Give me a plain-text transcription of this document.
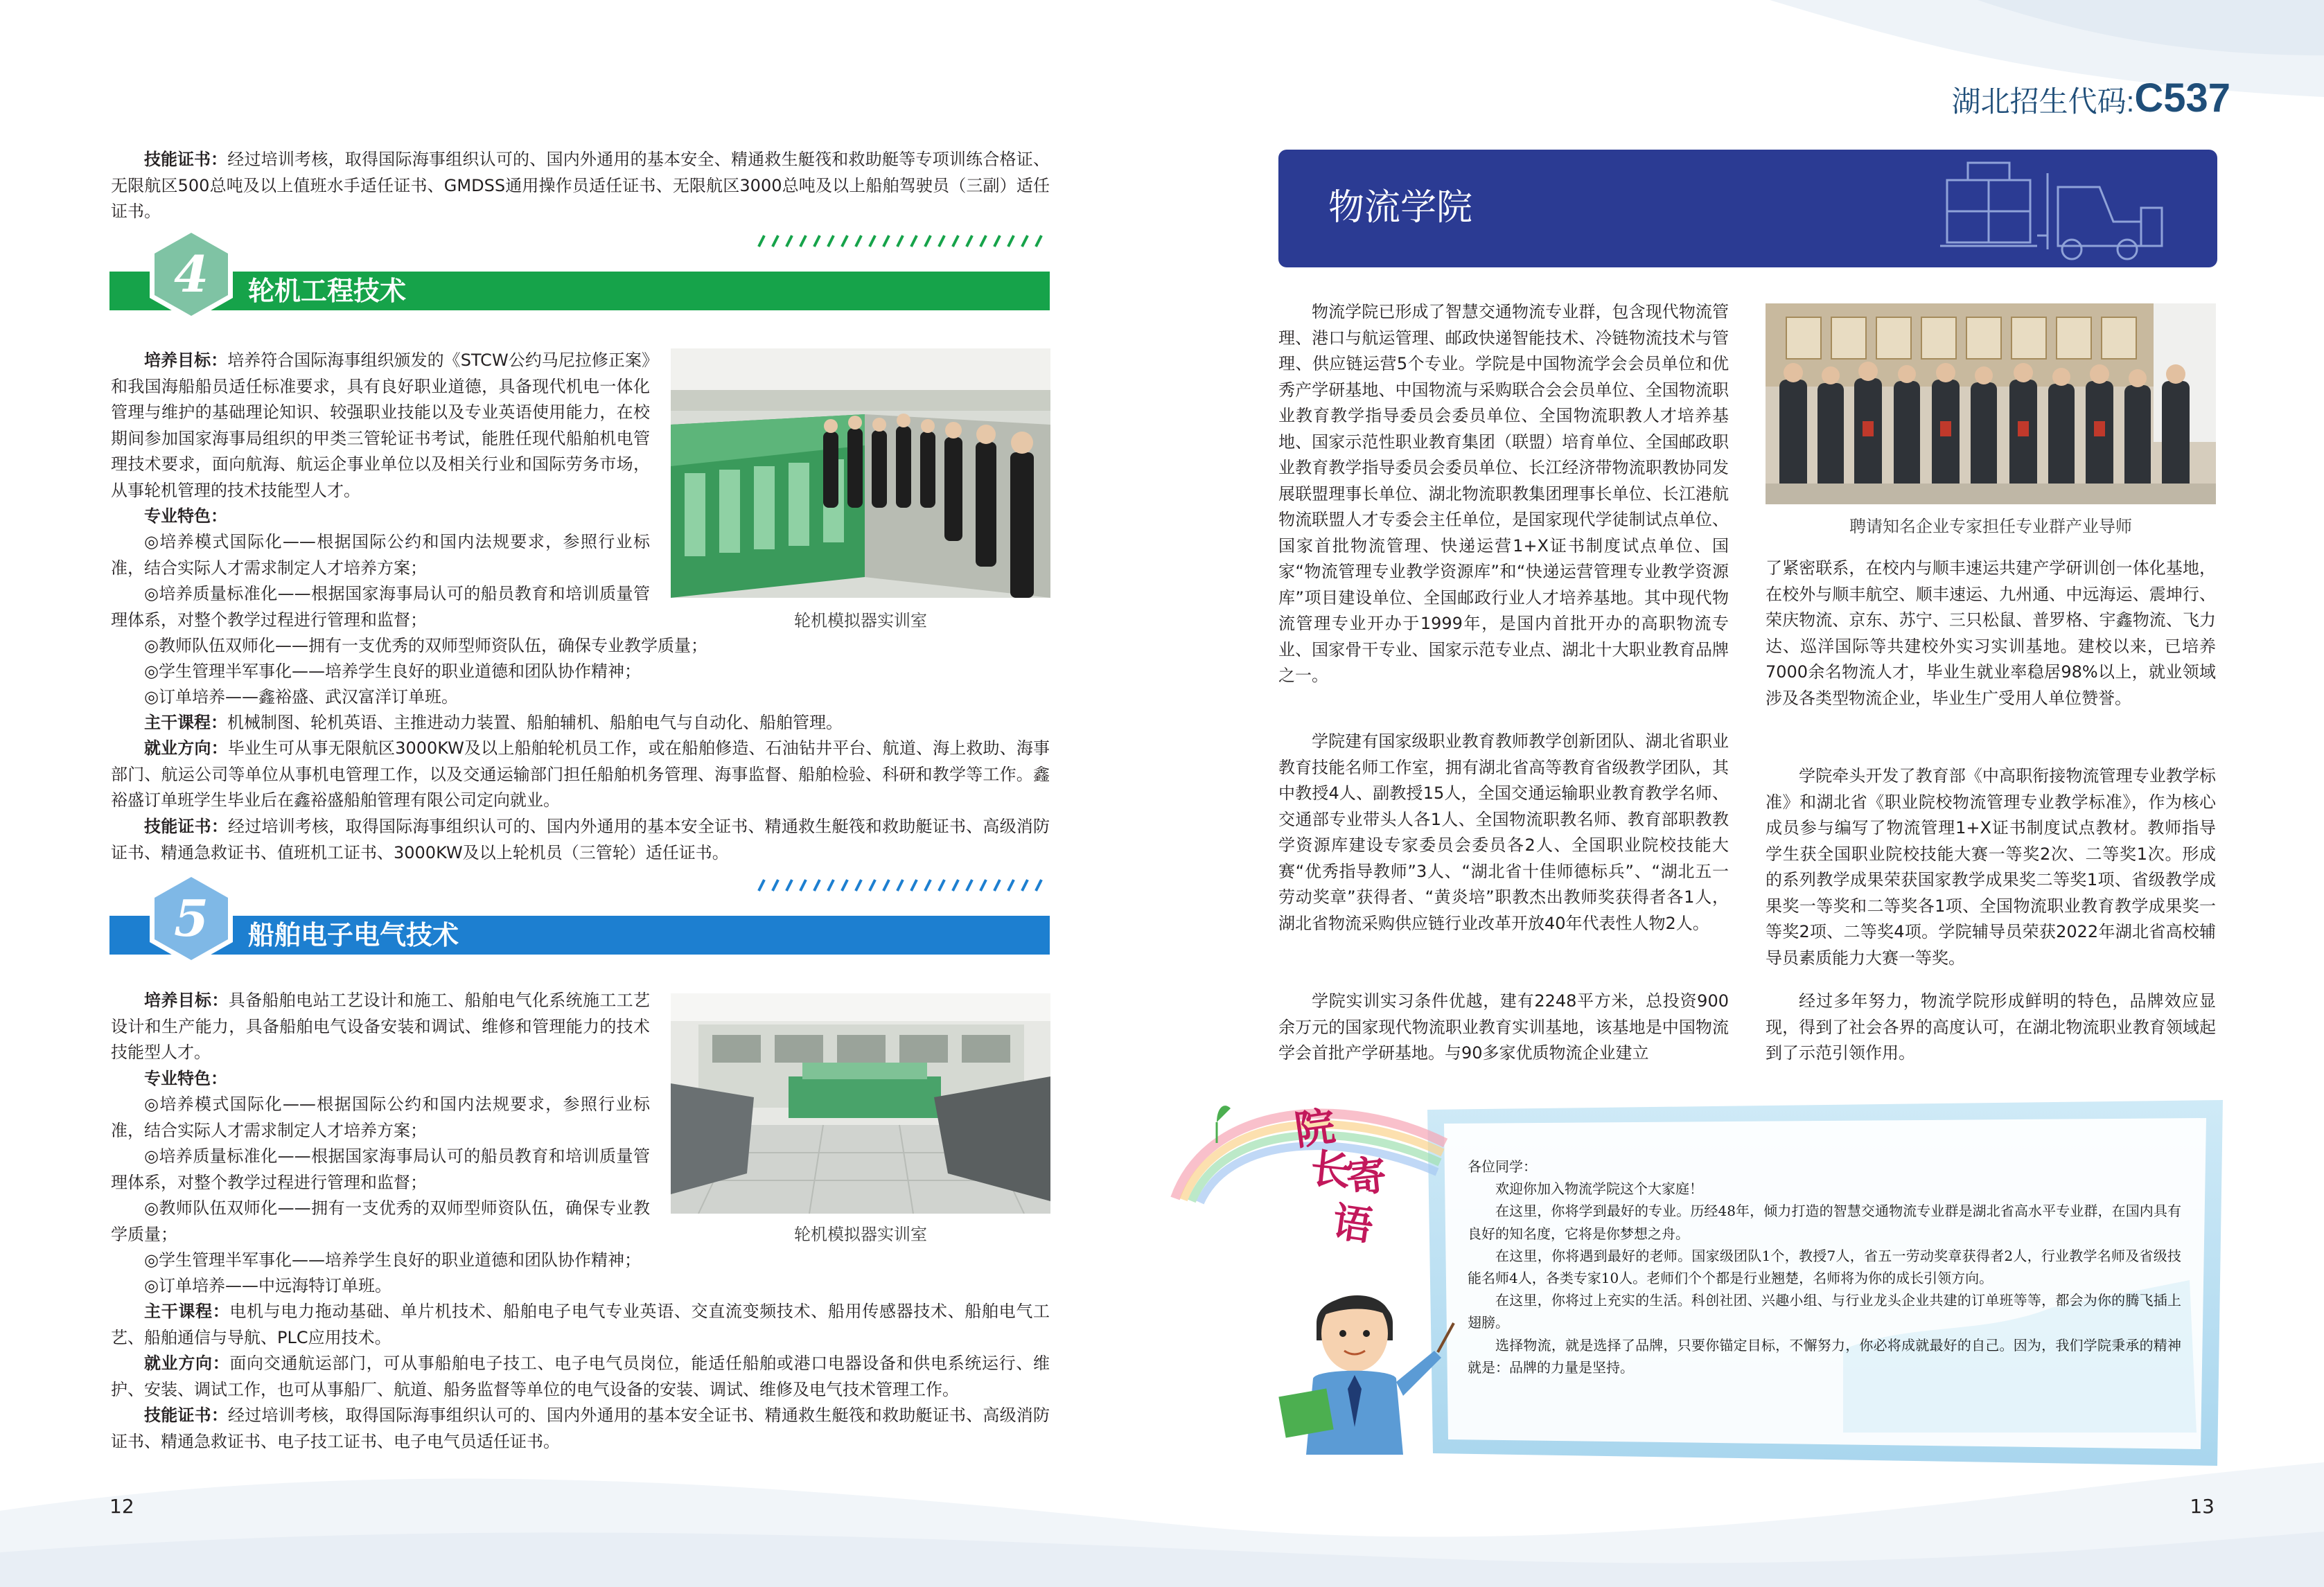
湖北招生代码:C537
技能证书：经过培训考核，取得国际海事组织认可的、国内外通用的基本安全、精通救生艇筏和救助艇等专项训练合格证、无限航区500总吨及以上值班水手适任证书、GMDSS通用操作员适任证书、无限航区3000总吨及以上船舶驾驶员（三副）适任证书。
4	轮机工程技术
培养目标：培养符合国际海事组织颁发的《STCW公约马尼拉修正案》和我国海船船员适任标准要求，具有良好职业道德，具备现代机电一体化管理与维护的基础理论知识、较强职业技能以及专业英语使用能力，在校期间参加国家海事局组织的甲类三管轮证书考试，能胜任现代船舶机电管理技术要求，面向航海、航运企事业单位以及相关行业和国际劳务市场，从事轮机管理的技术技能型人才。
专业特色：
◎培养模式国际化——根据国际公约和国内法规要求，参照行业标准，结合实际人才需求制定人才培养方案；
◎培养质量标准化——根据国家海事局认可的船员教育和培训质量管理体系，对整个教学过程进行管理和监督；
◎教师队伍双师化——拥有一支优秀的双师型师资队伍，确保专业教学质量；
◎学生管理半军事化——培养学生良好的职业道德和团队协作精神；
◎订单培养——鑫裕盛、武汉富洋订单班。
主干课程：机械制图、轮机英语、主推进动力装置、船舶辅机、船舶电气与自动化、船舶管理。
就业方向：毕业生可从事无限航区3000KW及以上船舶轮机员工作，或在船舶修造、石油钻井平台、航道、海上救助、海事部门、航运公司等单位从事机电管理工作，以及交通运输部门担任船舶机务管理、海事监督、船舶检验、科研和教学等工作。鑫裕盛订单班学生毕业后在鑫裕盛船舶管理有限公司定向就业。
技能证书：经过培训考核，取得国际海事组织认可的、国内外通用的基本安全证书、精通救生艇筏和救助艇证书、高级消防证书、精通急救证书、值班机工证书、3000KW及以上轮机员（三管轮）适任证书。
轮机模拟器实训室
5	船舶电子电气技术
培养目标：具备船舶电站工艺设计和施工、船舶电气化系统施工工艺设计和生产能力，具备船舶电气设备安装和调试、维修和管理能力的技术技能型人才。
专业特色：
◎培养模式国际化——根据国际公约和国内法规要求，参照行业标准，结合实际人才需求制定人才培养方案；
◎培养质量标准化——根据国家海事局认可的船员教育和培训质量管理体系，对整个教学过程进行管理和监督；
◎教师队伍双师化——拥有一支优秀的双师型师资队伍，确保专业教学质量；
◎学生管理半军事化——培养学生良好的职业道德和团队协作精神；
◎订单培养——中远海特订单班。
主干课程：电机与电力拖动基础、单片机技术、船舶电子电气专业英语、交直流变频技术、船用传感器技术、船舶电气工艺、船舶通信与导航、PLC应用技术。
就业方向：面向交通航运部门，可从事船舶电子技工、电子电气员岗位，能适任船舶或港口电器设备和供电系统运行、维护、安装、调试工作，也可从事船厂、航道、船务监督等单位的电气设备的安装、调试、维修及电气技术管理工作。
技能证书：经过培训考核，取得国际海事组织认可的、国内外通用的基本安全证书、精通救生艇筏和救助艇证书、高级消防证书、精通急救证书、电子技工证书、电子电气员适任证书。
轮机模拟器实训室
12
物流学院
物流学院已形成了智慧交通物流专业群，包含现代物流管理、港口与航运管理、邮政快递智能技术、冷链物流技术与管理、供应链运营5个专业。学院是中国物流学会会员单位和优秀产学研基地、中国物流与采购联合会会员单位、全国物流职业教育教学指导委员会委员单位、全国物流职教人才培养基地、国家示范性职业教育集团（联盟）培育单位、全国邮政职业教育教学指导委员会委员单位、长江经济带物流职教协同发展联盟理事长单位、湖北物流职教集团理事长单位、长江港航物流联盟人才专委会主任单位，是国家现代学徒制试点单位、国家首批物流管理、快递运营1+X证书制度试点单位、国家“物流管理专业教学资源库”和“快递运营管理专业教学资源库”项目建设单位、全国邮政行业人才培养基地。其中现代物流管理专业开办于1999年，是国内首批开办的高职物流专业、国家骨干专业、国家示范专业点、湖北十大职业教育品牌之一。
学院建有国家级职业教育教师教学创新团队、湖北省职业教育技能名师工作室，拥有湖北省高等教育省级教学团队，其中教授4人、副教授15人，全国交通运输职业教育教学名师、交通部专业带头人各1人、全国物流职教名师、教育部职教教学资源库建设专家委员会委员各2人、全国职业院校技能大赛“优秀指导教师”3人、“湖北省十佳师德标兵”、“湖北五一劳动奖章”获得者、“黄炎培”职教杰出教师奖获得者各1人，湖北省物流采购供应链行业改革开放40年代表性人物2人。
学院实训实习条件优越，建有2248平方米，总投资900余万元的国家现代物流职业教育实训基地，该基地是中国物流学会首批产学研基地。与90多家优质物流企业建立
聘请知名企业专家担任专业群产业导师
了紧密联系，在校内与顺丰速运共建产学研训创一体化基地，在校外与顺丰航空、顺丰速运、九州通、中远海运、震坤行、荣庆物流、京东、苏宁、三只松鼠、普罗格、宇鑫物流、飞力达、巡洋国际等共建校外实习实训基地。建校以来，已培养7000余名物流人才，毕业生就业率稳居98%以上，就业领域涉及各类型物流企业，毕业生广受用人单位赞誉。
学院牵头开发了教育部《中高职衔接物流管理专业教学标准》和湖北省《职业院校物流管理专业教学标准》，作为核心成员参与编写了物流管理1+X证书制度试点教材。教师指导学生获全国职业院校技能大赛一等奖2次、二等奖1次。形成的系列教学成果荣获国家教学成果奖二等奖1项、省级教学成果奖一等奖和二等奖各1项、全国物流职业教育教学成果奖一等奖2项、二等奖4项。学院辅导员荣获2022年湖北省高校辅导员素质能力大赛一等奖。
经过多年努力，物流学院形成鲜明的特色，品牌效应显现，得到了社会各界的高度认可，在湖北物流职业教育领域起到了示范引领作用。
院
长
寄
语

各位同学：

欢迎你加入物流学院这个大家庭！

在这里，你将学到最好的专业。历经48年，倾力打造的智慧交通物流专业群是湖北省高水平专业群，在国内具有良好的知名度，它将是你梦想之舟。

在这里，你将遇到最好的老师。国家级团队1个，教授7人，省五一劳动奖章获得者2人，行业教学名师及省级技能名师4人，各类专家10人。老师们个个都是行业翘楚，名师将为你的成长引领方向。

在这里，你将过上充实的生活。科创社团、兴趣小组、与行业龙头企业共建的订单班等等，都会为你的腾飞插上翅膀。

选择物流，就是选择了品牌，只要你锚定目标，不懈努力，你必将成就最好的自己。因为，我们学院秉承的精神就是：品牌的力量是坚持。

13
